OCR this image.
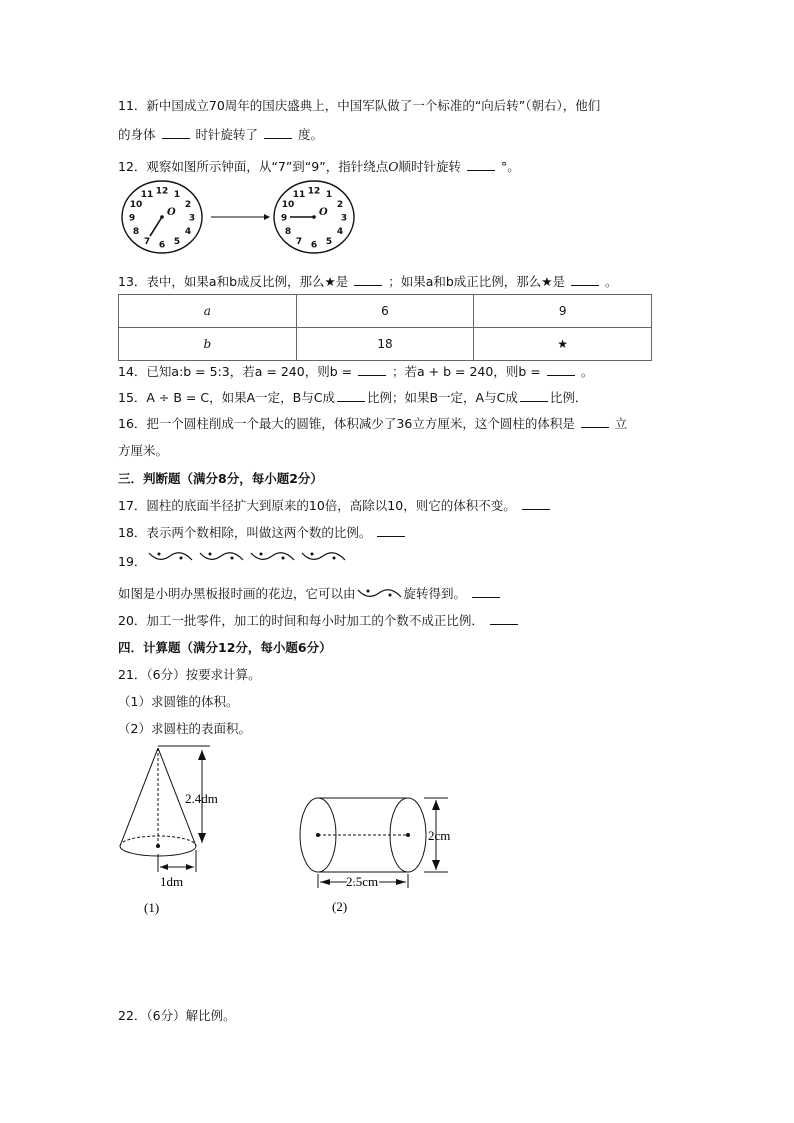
11．新中国成立70周年的国庆盛典上，中国军队做了一个标准的“向后转”（朝右），他们
的身体	时针旋转了	度。
12．观察如图所示钟面，从“7”到“9”，指针绕点O顺时针旋转	°。
12 1
2
3
4
5
6
7
8
9
10
11
O
12 1
2
3
4
5
6
7
8
9
10
11
O
13．表中，如果a和b成反比例，那么★是	；如果a和b成正比例，那么★是	。
a	6	9
b	18	★
14．已知a:b = 5:3，若a = 240，则b =	；若a + b = 240，则b =	。
15．A ÷ B = C，如果A一定，B与C成	比例；如果B一定，A与C成	比例．
16．把一个圆柱削成一个最大的圆锥，体积减少了36立方厘米，这个圆柱的体积是	立
方厘米。
三．判断题（满分8分，每小题2分）
17．圆柱的底面半径扩大到原来的10倍，高除以10，则它的体积不变。
18．表示两个数相除，叫做这两个数的比例。
19．
如图是小明办黑板报时画的花边，它可以由	旋转得到。
20．加工一批零件，加工的时间和每小时加工的个数不成正比例．
四．计算题（满分12分，每小题6分）
21．（6分）按要求计算。
（1）求圆锥的体积。
（2）求圆柱的表面积。
2.4dm
1dm
(1)
2cm
2.5cm
(2)
22．（6分）解比例。
